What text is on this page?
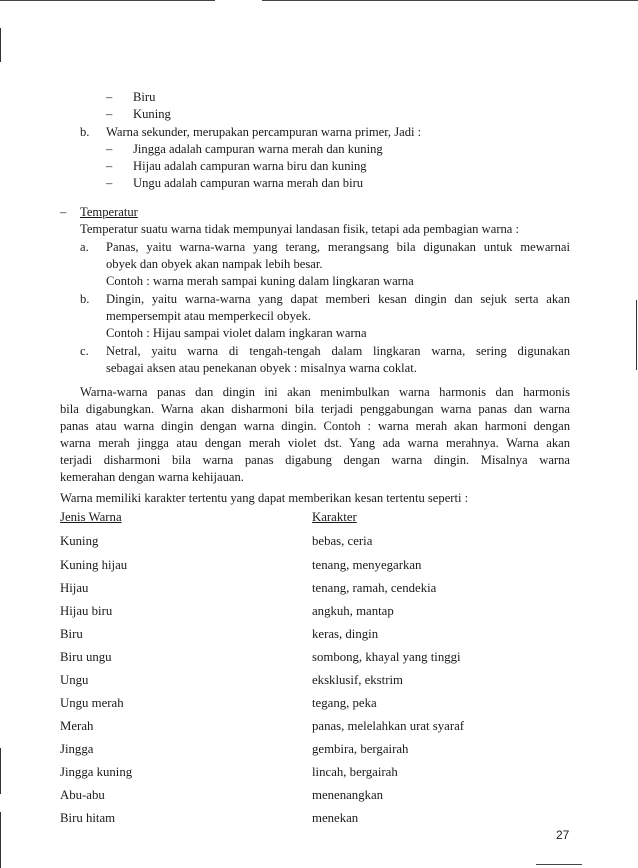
– Biru
– Kuning
b. Warna sekunder, merupakan percampuran warna primer, Jadi :
– Jingga adalah campuran warna merah dan kuning
– Hijau adalah campuran warna biru dan kuning
– Ungu adalah campuran warna merah dan biru
– Temperatur
Temperatur suatu warna tidak mempunyai landasan fisik, tetapi ada pembagian warna :
a. Panas, yaitu warna-warna yang terang, merangsang bila digunakan untuk mewarnai
obyek dan obyek akan nampak lebih besar.
Contoh : warna merah sampai kuning dalam lingkaran warna
b. Dingin, yaitu warna-warna yang dapat memberi kesan dingin dan sejuk serta akan
mempersempit atau memperkecil obyek.
Contoh : Hijau sampai violet dalam ingkaran warna
c. Netral, yaitu warna di tengah-tengah dalam lingkaran warna, sering digunakan
sebagai aksen atau penekanan obyek : misalnya warna coklat.
Warna-warna panas dan dingin ini akan menimbulkan warna harmonis dan harmonis
bila digabungkan. Warna akan disharmoni bila terjadi penggabungan warna panas dan warna
panas atau warna dingin dengan warna dingin. Contoh : warna merah akan harmoni dengan
warna merah jingga atau dengan merah violet dst. Yang ada warna merahnya. Warna akan
terjadi disharmoni bila warna panas digabung dengan warna dingin. Misalnya warna
kemerahan dengan warna kehijauan.
Warna memiliki karakter tertentu yang dapat memberikan kesan tertentu seperti :
Jenis Warna	Karakter
Kuning	bebas, ceria
Kuning hijau	tenang, menyegarkan
Hijau	tenang, ramah, cendekia
Hijau biru	angkuh, mantap
Biru	keras, dingin
Biru ungu	sombong, khayal yang tinggi
Ungu	eksklusif, ekstrim
Ungu merah	tegang, peka
Merah	panas, melelahkan urat syaraf
Jingga	gembira, bergairah
Jingga kuning	lincah, bergairah
Abu-abu	menenangkan
Biru hitam	menekan
27
